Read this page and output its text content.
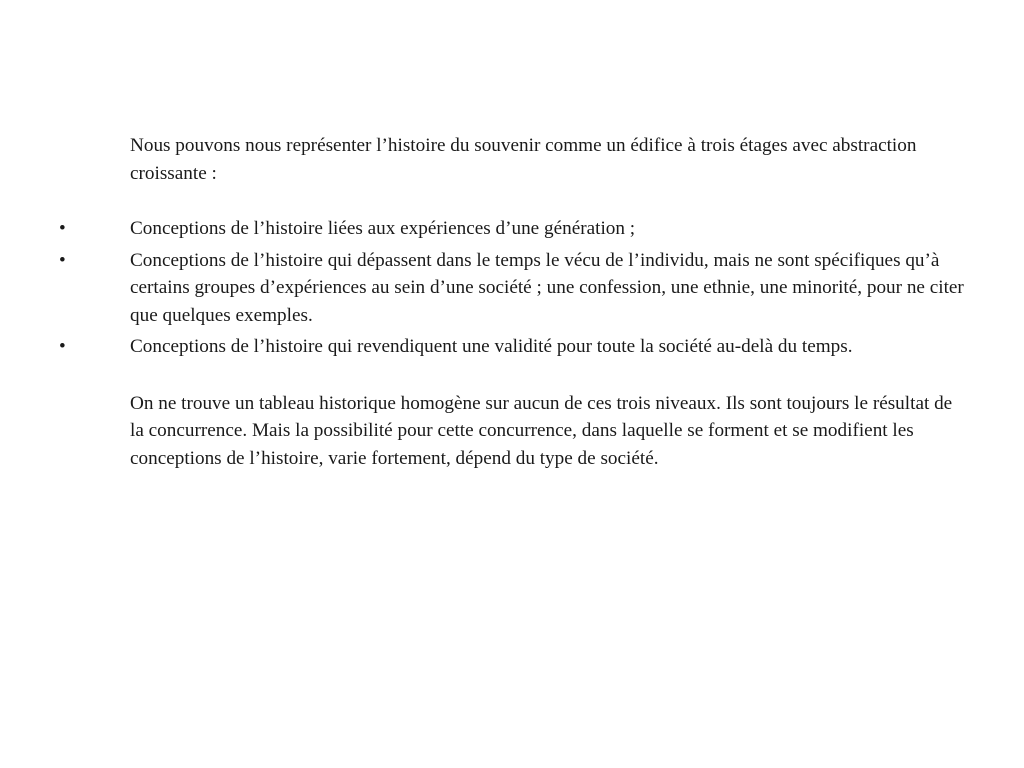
Nous pouvons nous représenter l’histoire du souvenir comme un édifice à trois étages avec abstraction croissante :

•	Conceptions de l’histoire liées aux expériences d’une génération ;
•	Conceptions de l’histoire qui dépassent dans le temps le vécu de l’individu, mais ne sont spécifiques qu’à certains groupes d’expériences au sein d’une société ; une confession, une ethnie, une minorité, pour ne citer que quelques exemples.
•	Conceptions de l’histoire qui revendiquent une validité pour toute la société au-delà du temps.

On ne trouve un tableau historique homogène sur aucun de ces trois niveaux. Ils sont toujours le résultat de la concurrence. Mais la possibilité pour cette concurrence, dans laquelle se forment et se modifient les conceptions de l’histoire, varie fortement, dépend du type de société.
